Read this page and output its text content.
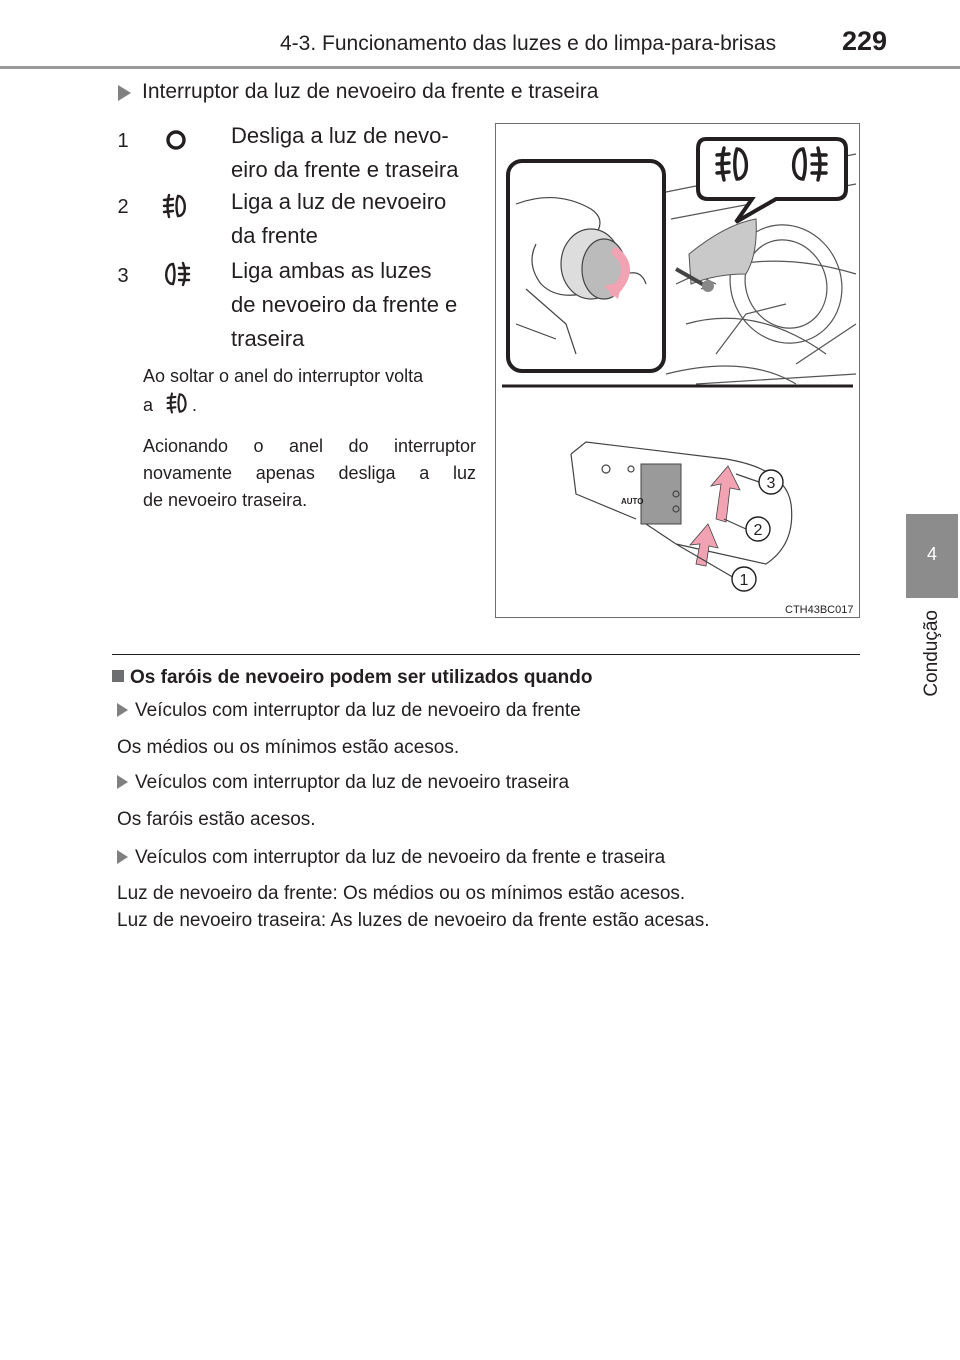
4-3. Funcionamento das luzes e do limpa-para-brisas 229
4
Condução
Interruptor da luz de nevoeiro da frente e traseira
1	Desliga a luz de nevo-
eiro da frente e traseira
2	Liga a luz de nevoeiro
da frente
3	Liga ambas as luzes
de nevoeiro da frente e
traseira
Ao soltar o anel do interruptor volta
a .
Acionando o anel do interruptor
novamente apenas desliga a luz
de nevoeiro traseira.	AUTO
1
2
3
CTH43BC017
Os faróis de nevoeiro podem ser utilizados quando
Veículos com interruptor da luz de nevoeiro da frente
Os médios ou os mínimos estão acesos.
Veículos com interruptor da luz de nevoeiro traseira
Os faróis estão acesos.
Veículos com interruptor da luz de nevoeiro da frente e traseira
Luz de nevoeiro da frente: Os médios ou os mínimos estão acesos.
Luz de nevoeiro traseira: As luzes de nevoeiro da frente estão acesas.
